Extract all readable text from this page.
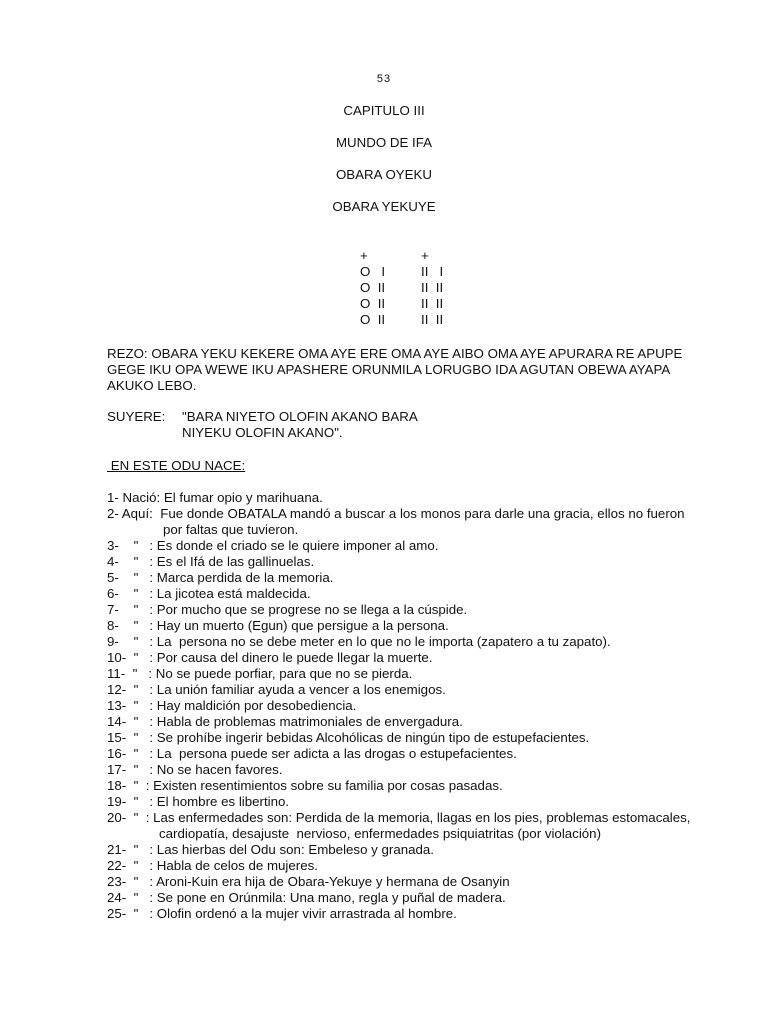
53
CAPITULO III
MUNDO DE IFA
OBARA OYEKU
OBARA YEKUYE
+	+
O   I	II   I
O  II	II  II
O  II	II  II
O  II	II  II
REZO: OBARA YEKU KEKERE OMA AYE ERE OMA AYE AIBO OMA AYE APURARA RE APUPE GEGE IKU OPA WEWE IKU APASHERE ORUNMILA LORUGBO IDA AGUTAN OBEWA AYAPA AKUKO LEBO.
SUYERE: "BARA NIYETO OLOFIN AKANO BARA
NIYEKU OLOFIN AKANO".
EN ESTE ODU NACE:
1- Nació: El fumar opio y marihuana.
2- Aquí:  Fue donde OBATALA mandó a buscar a los monos para darle una gracia, ellos no fueron
por faltas que tuvieron.
3-    "   : Es donde el criado se le quiere imponer al amo.
4-    "   : Es el Ifá de las gallinuelas.
5-    "   : Marca perdida de la memoria.
6-    "   : La jicotea está maldecida.
7-    "   : Por mucho que se progrese no se llega a la cúspide.
8-    "   : Hay un muerto (Egun) que persigue a la persona.
9-    "   : La  persona no se debe meter en lo que no le importa (zapatero a tu zapato).
10-  "   : Por causa del dinero le puede llegar la muerte.
11-  "   : No se puede porfiar, para que no se pierda.
12-  "   : La unión familiar ayuda a vencer a los enemigos.
13-  "   : Hay maldición por desobediencia.
14-  "   : Habla de problemas matrimoniales de envergadura.
15-  "   : Se prohíbe ingerir bebidas Alcohólicas de ningún tipo de estupefacientes.
16-  "   : La  persona puede ser adicta a las drogas o estupefacientes.
17-  "   : No se hacen favores.
18-  "  : Existen resentimientos sobre su familia por cosas pasadas.
19-  "   : El hombre es libertino.
20-  "  : Las enfermedades son: Perdida de la memoria, llagas en los pies, problemas estomacales,
cardiopatía, desajuste  nervioso, enfermedades psiquiatritas (por violación)
21-  "   : Las hierbas del Odu son: Embeleso y granada.
22-  "   : Habla de celos de mujeres.
23-  "   : Aroni-Kuin era hija de Obara-Yekuye y hermana de Osanyin
24-  "   : Se pone en Orúnmila: Una mano, regla y puñal de madera.
25-  "   : Olofin ordenó a la mujer vivir arrastrada al hombre.
